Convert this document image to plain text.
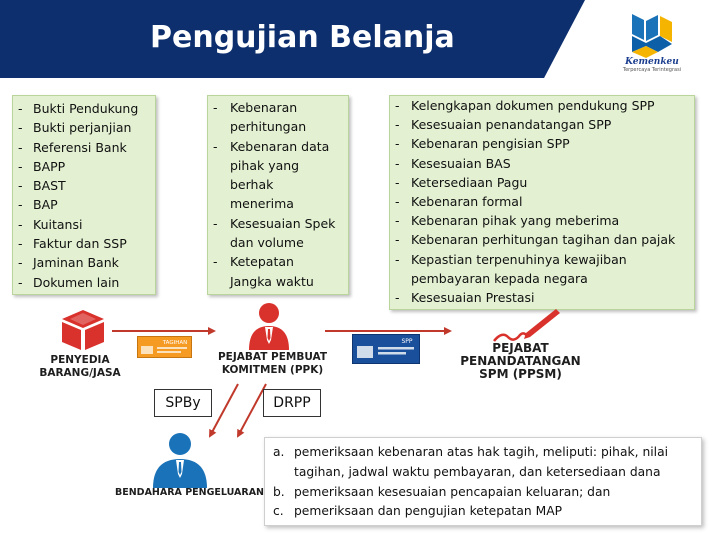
Pengujian Belanja
Kemenkeu
Terpercaya Terintegrasi
- Bukti Pendukung
- Bukti perjanjian
- Referensi Bank
- BAPP
- BAST
- BAP
- Kuitansi
- Faktur dan SSP
- Jaminan Bank
- Dokumen lain
- Kebenaran
perhitungan
- Kebenaran data
pihak yang
berhak
menerima
- Kesesuaian Spek
dan volume
- Ketepatan
Jangka waktu
- Kelengkapan dokumen pendukung SPP
- Kesesuaian penandatangan SPP
- Kebenaran pengisian SPP
- Kesesuaian BAS
- Ketersediaan Pagu
- Kebenaran formal
- Kebenaran pihak yang meberima
- Kebenaran perhitungan tagihan dan pajak
- Kepastian terpenuhinya kewajiban
pembayaran kepada negara
- Kesesuaian Prestasi
PENYEDIA
BARANG/JASA
TAGIHAN
PEJABAT PEMBUAT
KOMITMEN (PPK)
SPP	PEJABAT
PENANDATANGAN
SPM (PPSM)
SPBy	DRPP
BENDAHARA PENGELUARAN
a. pemeriksaan kebenaran atas hak tagih, meliputi: pihak, nilai
tagihan, jadwal waktu pembayaran, dan ketersediaan dana
b. pemeriksaan kesesuaian pencapaian keluaran; dan
c. pemeriksaan dan pengujian ketepatan MAP
